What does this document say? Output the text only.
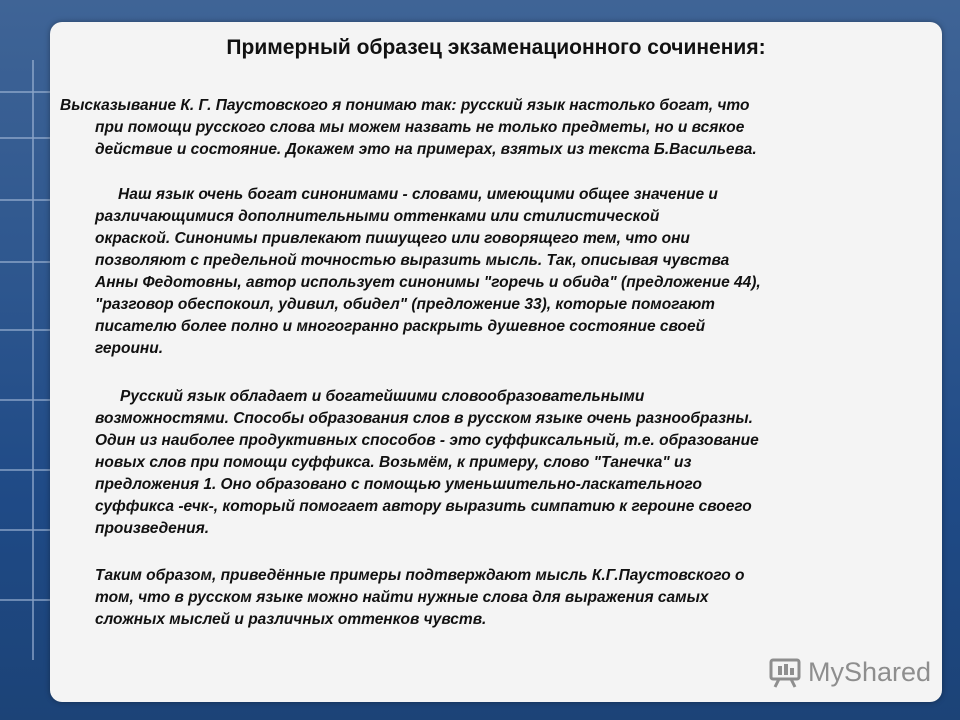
Примерный образец экзаменационного сочинения:
Высказывание К. Г. Паустовского я понимаю так: русский язык настолько богат, что
при помощи русского слова мы можем назвать не только предметы, но и всякое
действие и состояние. Докажем это на примерах, взятых из текста Б.Васильева.
Наш язык очень богат синонимами - словами, имеющими общее значение и
различающимися дополнительными оттенками или стилистической
окраской. Синонимы привлекают пишущего или говорящего тем, что они
позволяют с предельной точностью выразить мысль. Так, описывая чувства
Анны Федотовны, автор использует синонимы "горечь и обида" (предложение 44),
"разговор обеспокоил, удивил, обидел" (предложение 33), которые помогают
писателю более полно и многогранно раскрыть душевное состояние своей
героини.
Русский язык обладает и богатейшими словообразовательными
возможностями. Способы образования слов в русском языке очень разнообразны.
Один из наиболее продуктивных способов - это суффиксальный, т.е. образование
новых слов при помощи суффикса. Возьмём, к примеру, слово "Танечка" из
предложения 1. Оно образовано с помощью уменьшительно-ласкательного
суффикса -ечк-, который помогает автору выразить симпатию к героине своего
произведения.
Таким образом, приведённые примеры подтверждают мысль К.Г.Паустовского о
том, что в русском языке можно найти нужные слова для выражения самых
сложных мыслей и различных оттенков чувств.
MyShared
